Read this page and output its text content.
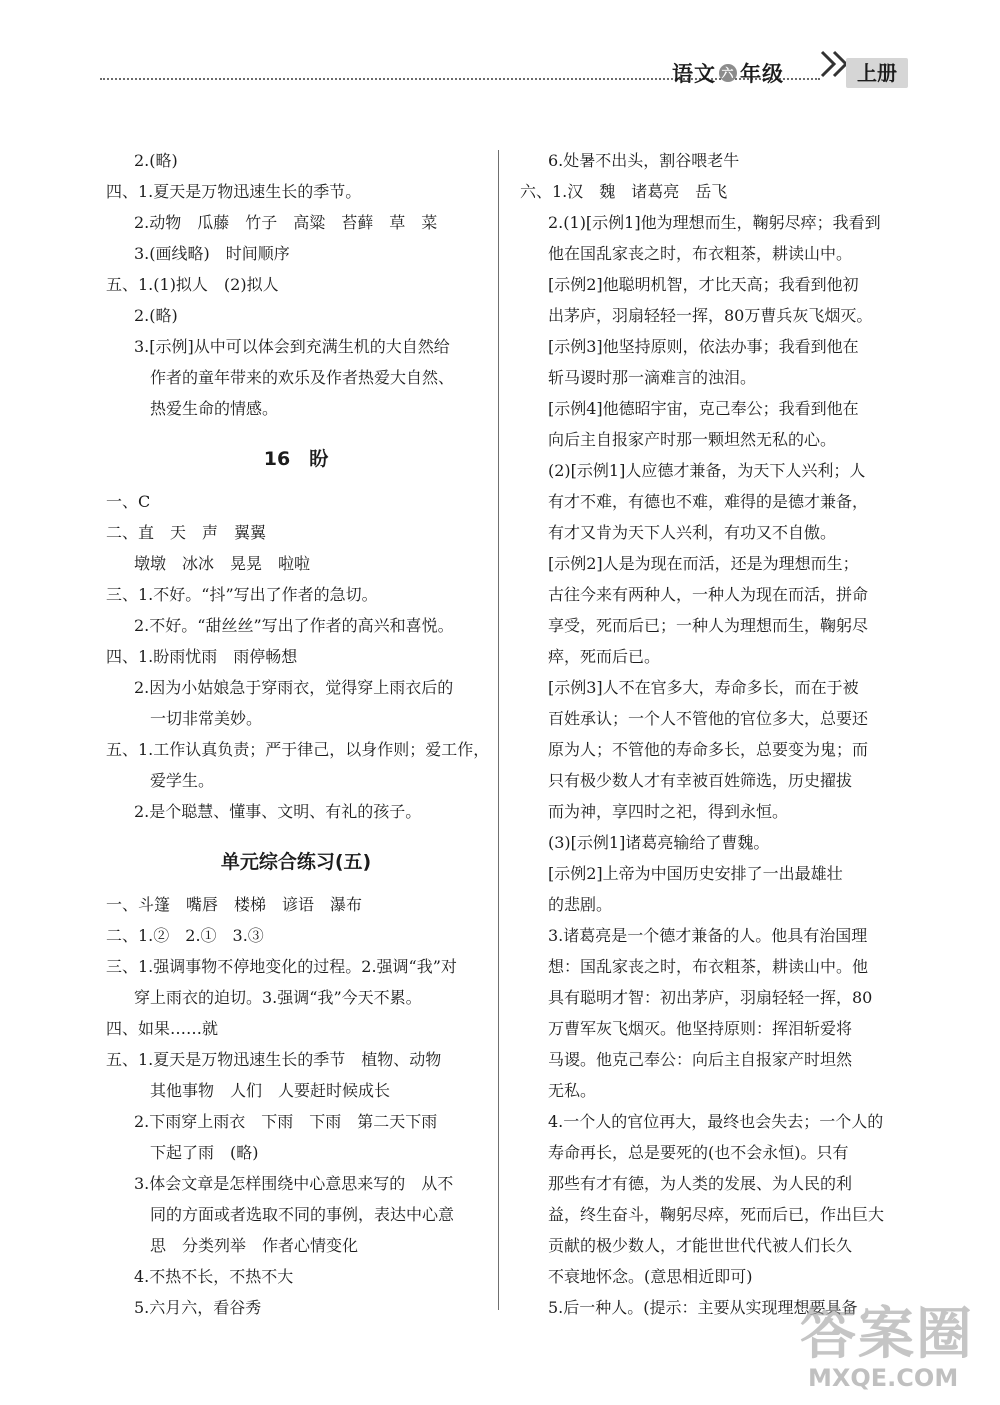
语文 六 年级	上册
2.(略)
四、1.夏天是万物迅速生长的季节。
2.动物　瓜藤　竹子　高粱　苔藓　草　菜
3.(画线略)　时间顺序
五、1.(1)拟人　(2)拟人
2.(略)
3.[示例]从中可以体会到充满生机的大自然给
作者的童年带来的欢乐及作者热爱大自然、
热爱生命的情感。
16　盼
一、C
二、直　天　声　翼翼
墩墩　冰冰　晃晃　啦啦
三、1.不好。“抖”写出了作者的急切。
2.不好。“甜丝丝”写出了作者的高兴和喜悦。
四、1.盼雨忧雨　雨停畅想
2.因为小姑娘急于穿雨衣，觉得穿上雨衣后的
一切非常美妙。
五、1.工作认真负责；严于律己，以身作则；爱工作，
爱学生。
2.是个聪慧、懂事、文明、有礼的孩子。
单元综合练习(五)
一、斗篷　嘴唇　楼梯　谚语　瀑布
二、1.②　2.①　3.③
三、1.强调事物不停地变化的过程。2.强调“我”对
穿上雨衣的迫切。3.强调“我”今天不累。
四、如果……就
五、1.夏天是万物迅速生长的季节　植物、动物
其他事物　人们　人要赶时候成长
2.下雨穿上雨衣　下雨　下雨　第二天下雨
下起了雨　(略)
3.体会文章是怎样围绕中心意思来写的　从不
同的方面或者选取不同的事例，表达中心意
思　分类列举　作者心情变化
4.不热不长，不热不大
5.六月六，看谷秀
6.处暑不出头，割谷喂老牛
六、1.汉　魏　诸葛亮　岳飞
2.(1)[示例1]他为理想而生，鞠躬尽瘁；我看到
他在国乱家丧之时，布衣粗茶，耕读山中。
[示例2]他聪明机智，才比天高；我看到他初
出茅庐，羽扇轻轻一挥，80万曹兵灰飞烟灭。
[示例3]他坚持原则，依法办事；我看到他在
斩马谡时那一滴难言的浊泪。
[示例4]他德昭宇宙，克己奉公；我看到他在
向后主自报家产时那一颗坦然无私的心。
(2)[示例1]人应德才兼备，为天下人兴利；人
有才不难，有德也不难，难得的是德才兼备，
有才又肯为天下人兴利，有功又不自傲。
[示例2]人是为现在而活，还是为理想而生；
古往今来有两种人，一种人为现在而活，拼命
享受，死而后已；一种人为理想而生，鞠躬尽
瘁，死而后已。
[示例3]人不在官多大，寿命多长，而在于被
百姓承认；一个人不管他的官位多大，总要还
原为人；不管他的寿命多长，总要变为鬼；而
只有极少数人才有幸被百姓筛选，历史擢拔
而为神，享四时之祀，得到永恒。
(3)[示例1]诸葛亮输给了曹魏。
[示例2]上帝为中国历史安排了一出最雄壮
的悲剧。
3.诸葛亮是一个德才兼备的人。他具有治国理
想：国乱家丧之时，布衣粗茶，耕读山中。他
具有聪明才智：初出茅庐，羽扇轻轻一挥，80
万曹军灰飞烟灭。他坚持原则：挥泪斩爱将
马谡。他克己奉公：向后主自报家产时坦然
无私。
4.一个人的官位再大，最终也会失去；一个人的
寿命再长，总是要死的(也不会永恒)。只有
那些有才有德，为人类的发展、为人民的利
益，终生奋斗，鞠躬尽瘁，死而后已，作出巨大
贡献的极少数人，才能世世代代被人们长久
不衰地怀念。(意思相近即可)
5.后一种人。(提示：主要从实现理想要具备
答案圈
MXQE.COM
